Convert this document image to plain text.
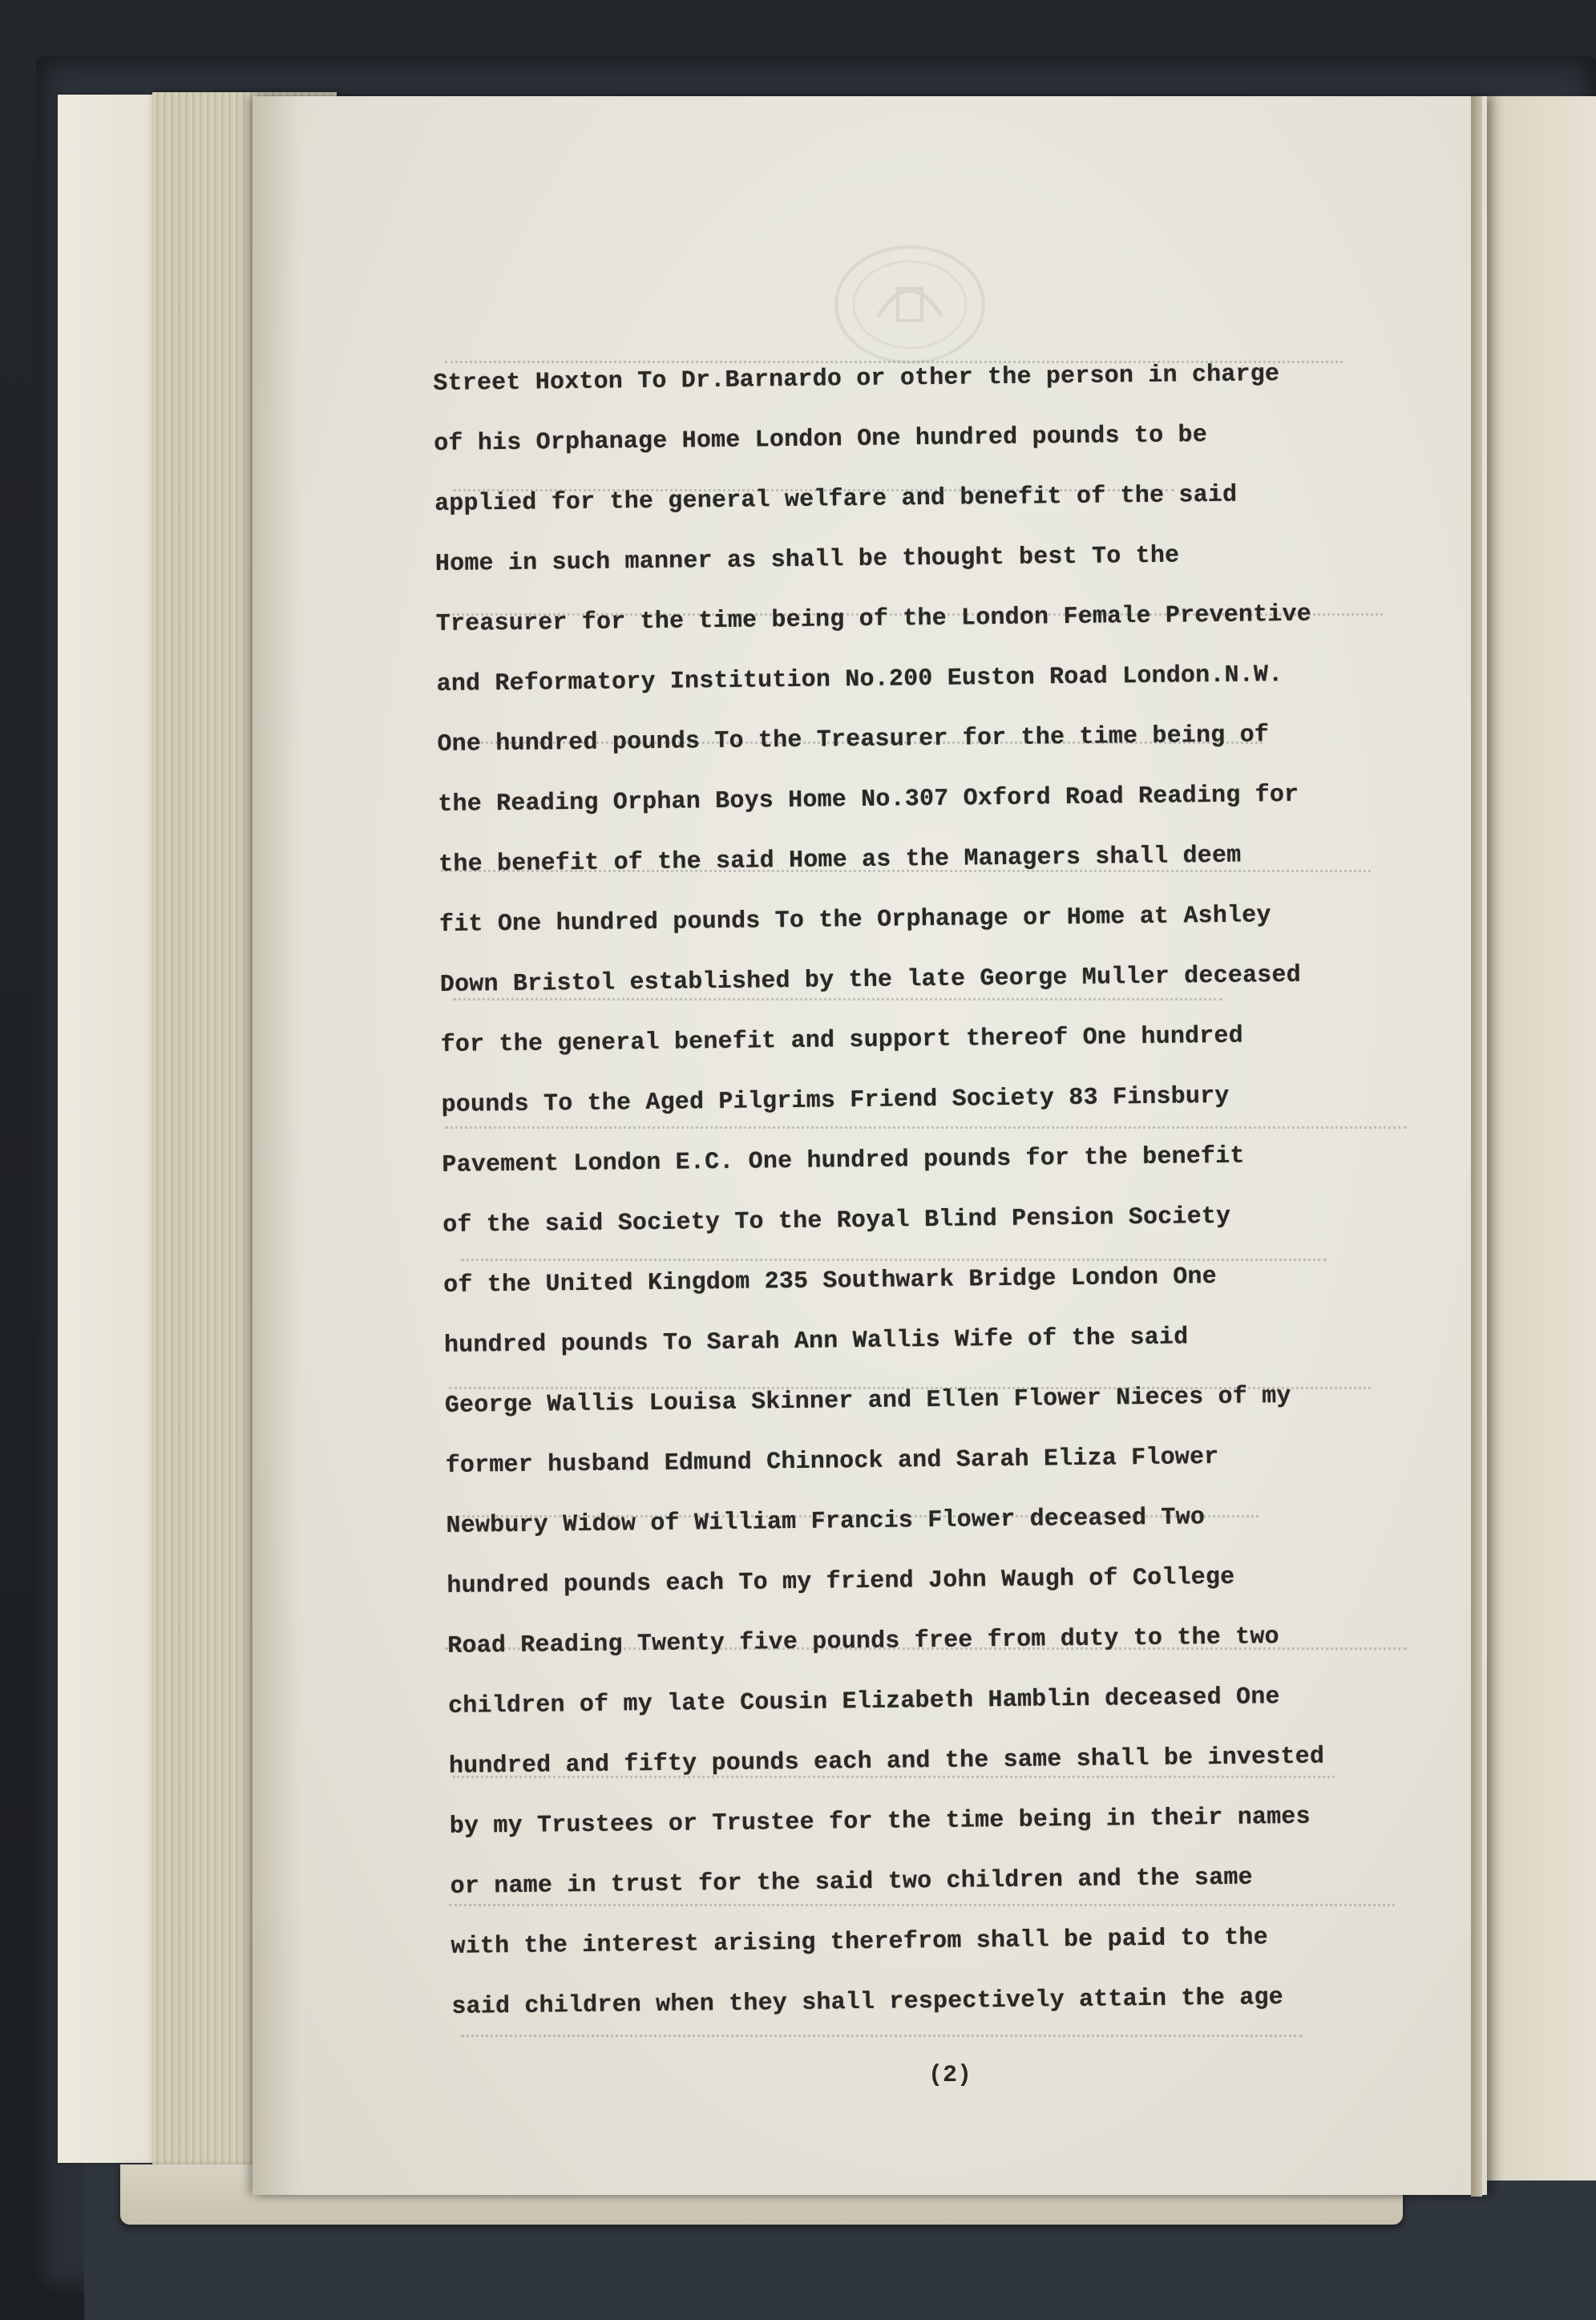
Street Hoxton To Dr.Barnardo or other the person in charge
of his Orphanage Home London One hundred pounds to be
applied for the general welfare and benefit of the said
Home in such manner as shall be thought best To the
Treasurer for the time being of the London Female Preventive
and Reformatory Institution No.200 Euston Road London.N.W.
One hundred pounds To the Treasurer for the time being of
the Reading Orphan Boys Home No.307 Oxford Road Reading for
the benefit of the said Home as the Managers shall deem
fit One hundred pounds To the Orphanage or Home at Ashley
Down Bristol established by the late George Muller deceased
for the general benefit and support thereof One hundred
pounds To the Aged Pilgrims Friend Society 83 Finsbury
Pavement London E.C. One hundred pounds for the benefit
of the said Society To the Royal Blind Pension Society
of the United Kingdom 235 Southwark Bridge London One
hundred pounds To Sarah Ann Wallis Wife of the said
George Wallis Louisa Skinner and Ellen Flower Nieces of my
former husband Edmund Chinnock and Sarah Eliza Flower
Newbury Widow of William Francis Flower deceased Two
hundred pounds each To my friend John Waugh of College
Road Reading Twenty five pounds free from duty to the two
children of my late Cousin Elizabeth Hamblin deceased One
hundred and fifty pounds each and the same shall be invested
by my Trustees or Trustee for the time being in their names
or name in trust for the said two children and the same
with the interest arising therefrom shall be paid to the
said children when they shall respectively attain the age
(2)
